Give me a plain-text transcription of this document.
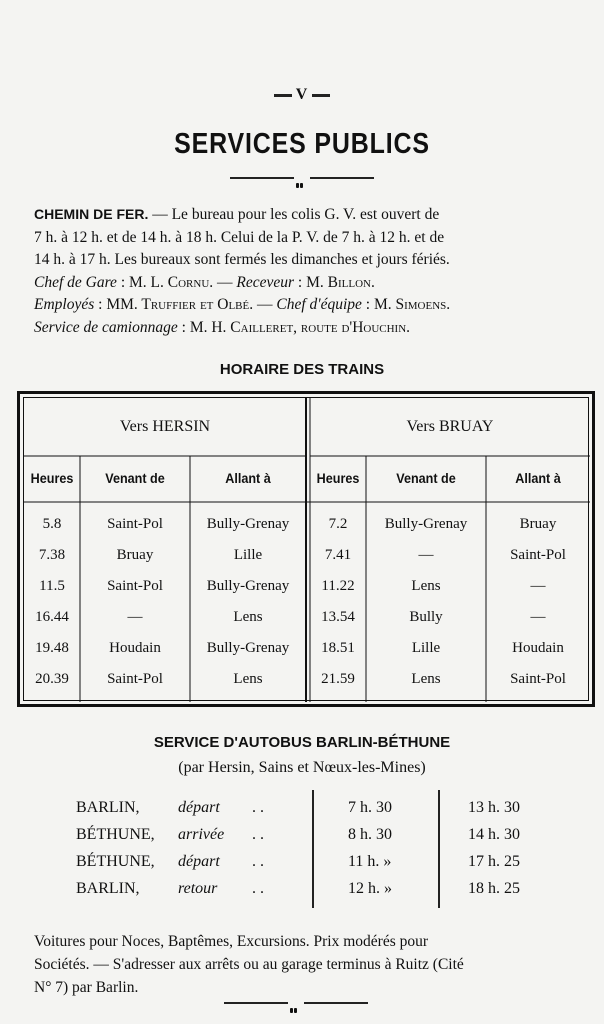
V
SERVICES PUBLICS
CHEMIN DE FER. — Le bureau pour les colis G. V. est ouvert de
7 h. à 12 h. et de 14 h. à 18 h. Celui de la P. V. de 7 h. à 12 h. et de
14 h. à 17 h. Les bureaux sont fermés les dimanches et jours fériés.
Chef de Gare : M. L. Cornu. — Receveur : M. Billon.
Employés : MM. Truffier et Olbé. — Chef d'équipe : M. Simoens.
Service de camionnage : M. H. Cailleret, route d'Houchin.
HORAIRE DES TRAINS
Vers HERSIN	Vers BRUAY
Heures	Venant de	Allant à	Heures	Venant de	Allant à
5.8	Saint-Pol	Bully-Grenay	7.2	Bully-Grenay	Bruay
7.38	Bruay	Lille	7.41	—	Saint-Pol
11.5	Saint-Pol	Bully-Grenay	11.22	Lens	—
16.44	—	Lens	13.54	Bully	—
19.48	Houdain	Bully-Grenay	18.51	Lille	Houdain
20.39	Saint-Pol	Lens	21.59	Lens	Saint-Pol
SERVICE D'AUTOBUS BARLIN-BÉTHUNE
(par Hersin, Sains et Nœux-les-Mines)
BARLIN, départ . .	7 h. 30	13 h. 30
BÉTHUNE, arrivée . .	8 h. 30	14 h. 30
BÉTHUNE, départ . .	11 h. »	17 h. 25
BARLIN, retour . .	12 h. »	18 h. 25
Voitures pour Noces, Baptêmes, Excursions. Prix modérés pour
Sociétés. — S'adresser aux arrêts ou au garage terminus à Ruitz (Cité
N° 7) par Barlin.
